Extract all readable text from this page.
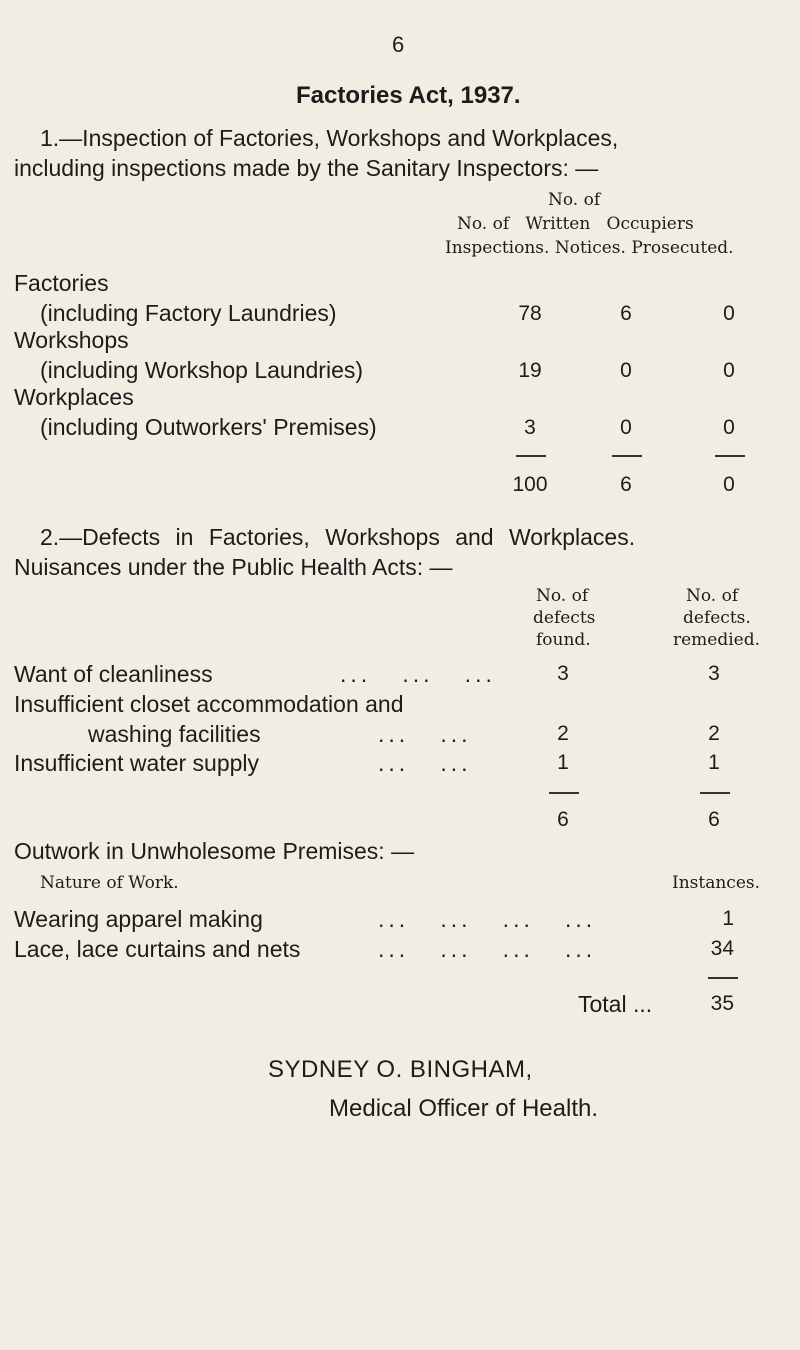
6
Factories Act, 1937.
1.—Inspection of Factories, Workshops and Workplaces,
including inspections made by the Sanitary Inspectors: —
No. of
No. of   Written   Occupiers
Inspections. Notices. Prosecuted.
Factories
(including Factory Laundries)	78	6	0
Workshops
(including Workshop Laundries)	19	0	0
Workplaces
(including Outworkers' Premises)	3	0	0
100	6	0
2.—Defects in Factories, Workshops and Workplaces.
Nuisances under the Public Health Acts: —
No. of
defects
found.
No. of
defects.
remedied.
Want of cleanliness	...   ...   ...	3	3
Insufficient closet accommodation and
washing facilities	...   ...	2	2
Insufficient water supply	...   ...	1	1
6	6
Outwork in Unwholesome Premises: —
Nature of Work.	Instances.
Wearing apparel making	...   ...   ...   ...	1
Lace, lace curtains and nets	...   ...   ...   ...	34
Total ...	35
SYDNEY O. BINGHAM,
Medical Officer of Health.
